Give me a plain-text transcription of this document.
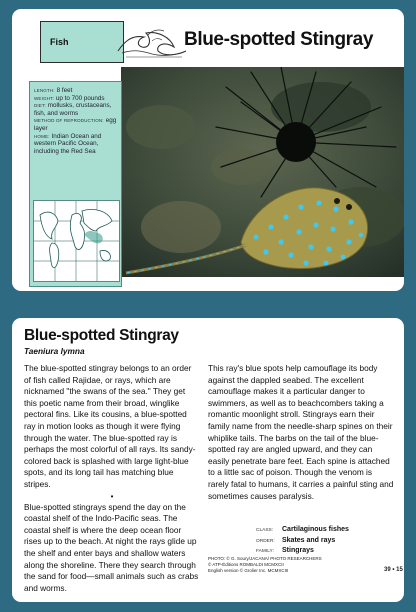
Fish	Blue-spotted Stingray
LENGTH: 8 feet
WEIGHT: up to 700 pounds
DIET: mollusks, crustaceans, fish, and worms
METHOD OF REPRODUCTION: egg layer
HOME: Indian Ocean and western Pacific Ocean, including the Red Sea
Blue-spotted Stingray
Taeniura lymna

The blue-spotted stingray belongs to an order of fish called Rajidae, or rays, which are nicknamed "the swans of the sea." They get this poetic name from their broad, winglike pectoral fins. Like its cousins, a blue-spotted ray in motion looks as though it were flying through the water. The blue-spotted ray is perhaps the most colorful of all rays. Its sandy-colored back is splashed with large light-blue spots, and its long tail has matching blue stripes.

•

Blue-spotted stingrays spend the day on the coastal shelf of the Indo-Pacific seas. The coastal shelf is where the deep ocean floor rises up to the beach. At night the rays glide up the shelf and enter bays and shallow waters along the shoreline. There they search through the sand for food—small animals such as crabs and worms.

This ray's blue spots help camouflage its body against the dappled seabed. The excellent camouflage makes it a particular danger to swimmers, as well as to beachcombers taking a romantic moonlight stroll. Stingrays earn their family name from the needle-sharp spines on their whiplike tails. The barbs on the tail of the blue-spotted ray are angled upward, and they can easily penetrate bare feet. Each spine is attached to a little sac of poison. Though the venom is rarely fatal to humans, it carries a painful sting and sometimes causes paralysis.

CLASS: Cartilaginous fishes
ORDER: Skates and rays
FAMILY: Stingrays
PHOTO: © G. Soury/JACANA/ PHOTO RESEARCHERS
© ATP-Éditions ROMBALDI MCMXCII
English version © Grolier Inc. MCMXCIII	39 • 15
